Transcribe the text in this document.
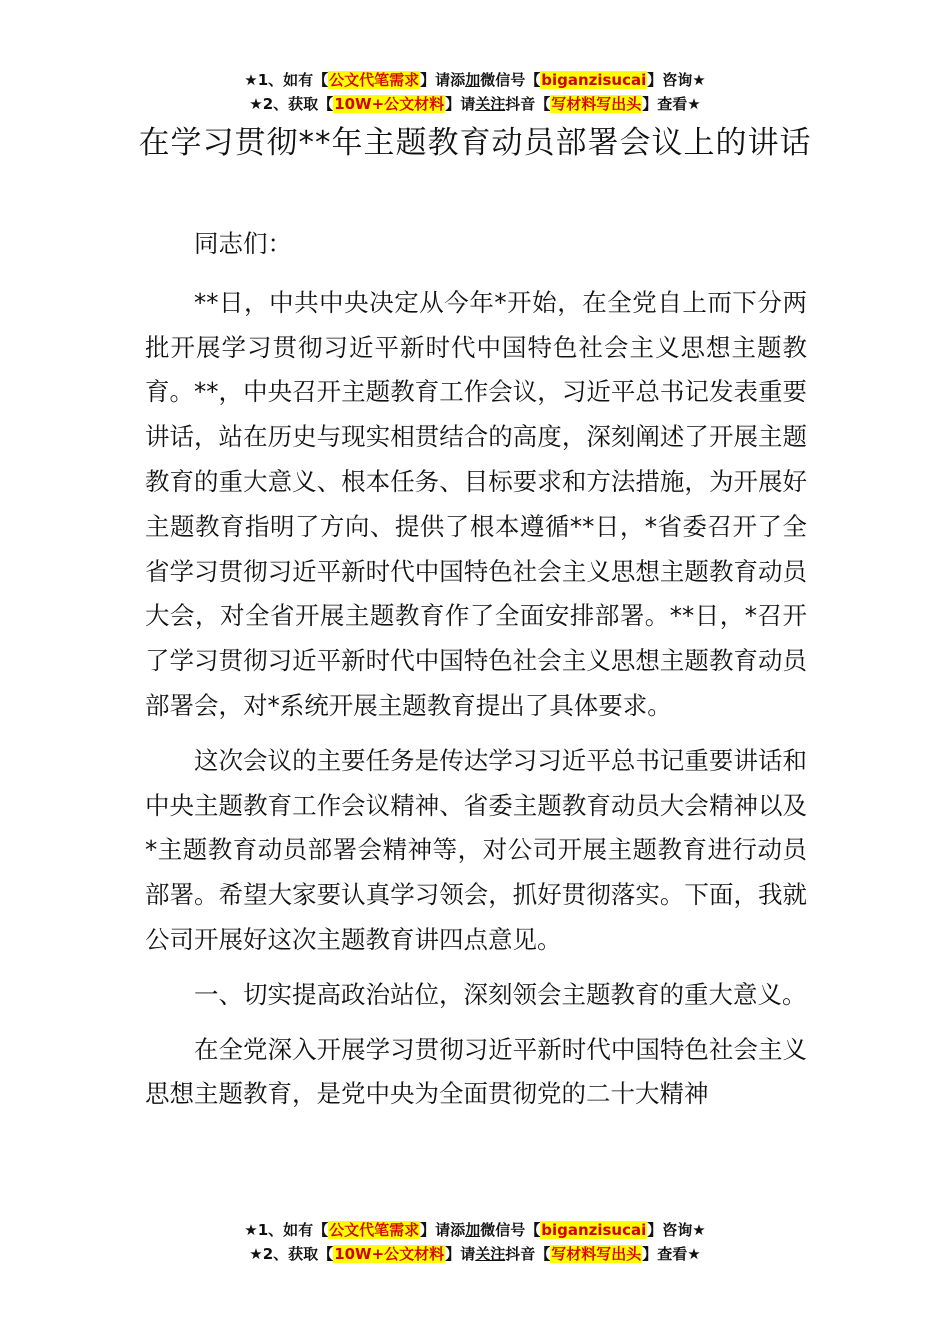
★1、如有【公文代笔需求】请添加微信号【biganzisucai】咨询★
★2、获取【10W+公文材料】请关注抖音【写材料写出头】查看★
在学习贯彻**年主题教育动员部署会议上的讲话

同志们：

**日，中共中央决定从今年*开始，在全党自上而下分两批开展学习贯彻习近平新时代中国特色社会主义思想主题教育。**，中央召开主题教育工作会议，习近平总书记发表重要讲话，站在历史与现实相贯结合的高度，深刻阐述了开展主题教育的重大意义、根本任务、目标要求和方法措施，为开展好主题教育指明了方向、提供了根本遵循**日，*省委召开了全省学习贯彻习近平新时代中国特色社会主义思想主题教育动员大会，对全省开展主题教育作了全面安排部署。**日，*召开了学习贯彻习近平新时代中国特色社会主义思想主题教育动员部署会，对*系统开展主题教育提出了具体要求。

这次会议的主要任务是传达学习习近平总书记重要讲话和中央主题教育工作会议精神、省委主题教育动员大会精神以及*主题教育动员部署会精神等，对公司开展主题教育进行动员部署。希望大家要认真学习领会，抓好贯彻落实。下面，我就公司开展好这次主题教育讲四点意见。

一、切实提高政治站位，深刻领会主题教育的重大意义。

在全党深入开展学习贯彻习近平新时代中国特色社会主义思想主题教育，是党中央为全面贯彻党的二十大精神

★1、如有【公文代笔需求】请添加微信号【biganzisucai】咨询★
★2、获取【10W+公文材料】请关注抖音【写材料写出头】查看★
